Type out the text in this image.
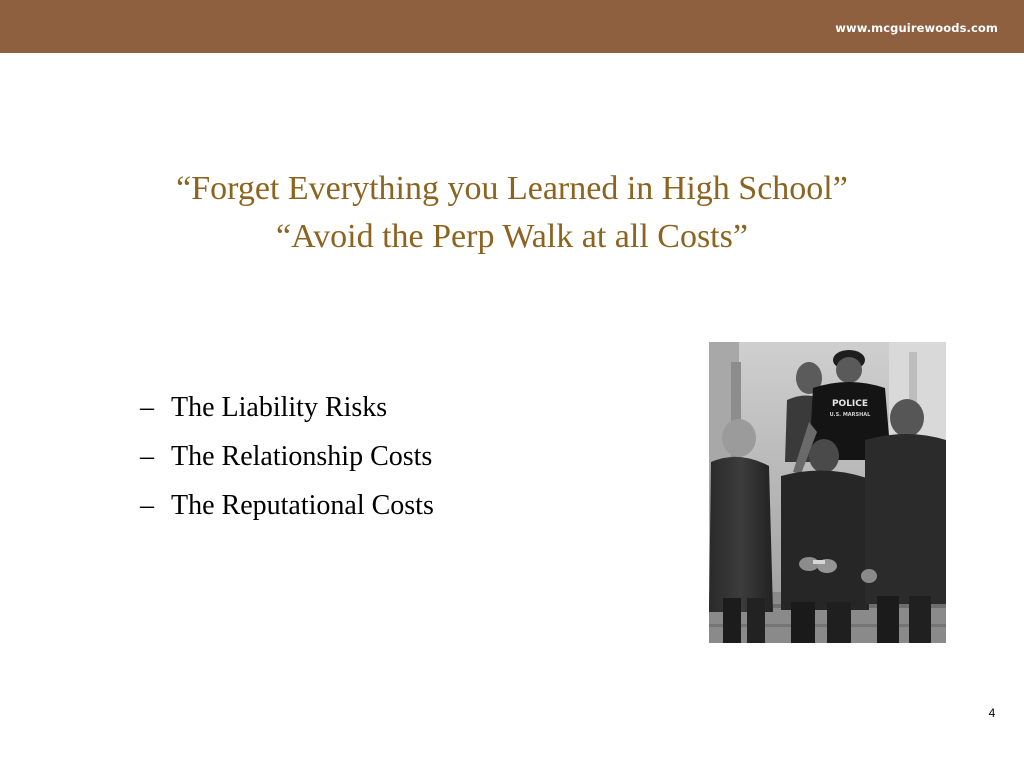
www.mcguirewoods.com
“Forget Everything you Learned in High School”
“Avoid the Perp Walk at all Costs”
– The Liability Risks
– The Relationship Costs
– The Reputational Costs
POLICE
U.S. MARSHAL
4
